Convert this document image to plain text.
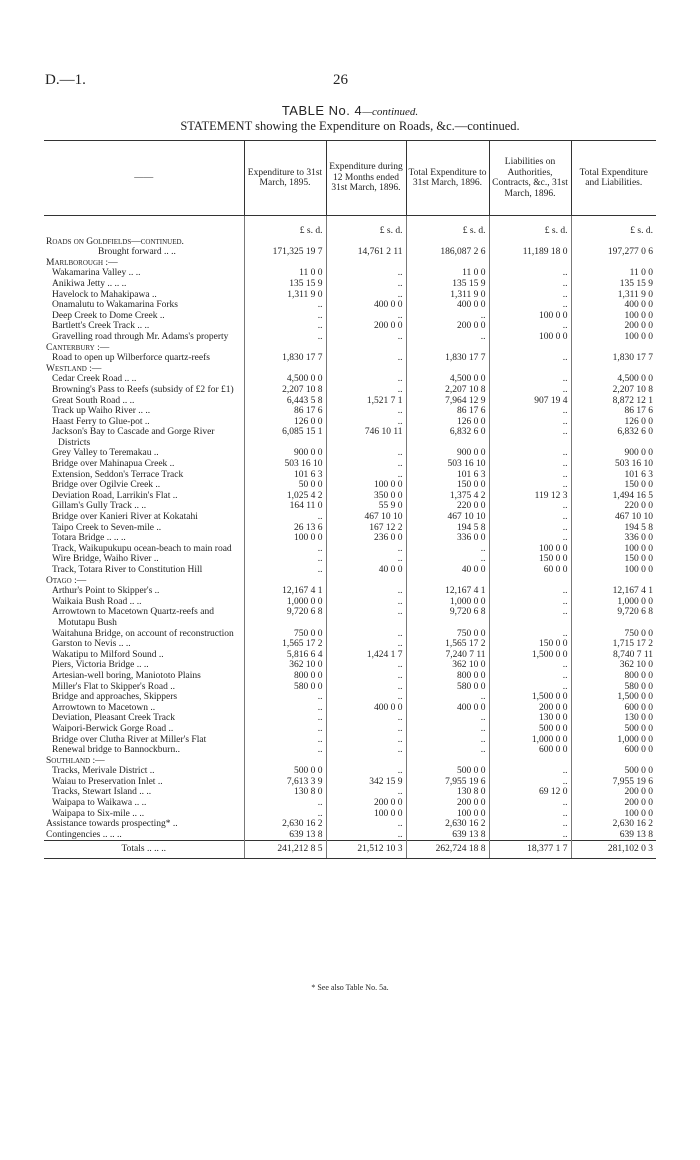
D.—1.	26
TABLE No. 4—continued.
STATEMENT showing the Expenditure on Roads, &c.—continued.
——	Expenditure to 31st March, 1895.	Expenditure during 12 Months ended 31st March, 1896.	Total Expenditure to 31st March, 1896.	Liabilities on Authorities, Contracts, &c., 31st March, 1896.	Total Expenditure and Liabilities.
	£ s. d.	£ s. d.	£ s. d.	£ s. d.	£ s. d.
Roads on Goldfields—continued.					
Brought forward .. ..	171,325 19 7	14,761 2 11	186,087 2 6	11,189 18 0	197,277 0 6
Marlborough :—					
Wakamarina Valley .. ..	11 0 0	..	11 0 0	..	11 0 0
Anikiwa Jetty .. .. ..	135 15 9	..	135 15 9	..	135 15 9
Havelock to Mahakipawa ..	1,311 9 0	..	1,311 9 0	..	1,311 9 0
Onamalutu to Wakamarina Forks	..	400 0 0	400 0 0	..	400 0 0
Deep Creek to Dome Creek ..	..	..	..	100 0 0	100 0 0
Bartlett's Creek Track .. ..	..	200 0 0	200 0 0	..	200 0 0
Gravelling road through Mr. Adams's property	..	..	..	100 0 0	100 0 0
Canterbury :—					
Road to open up Wilberforce quartz-reefs	1,830 17 7	..	1,830 17 7	..	1,830 17 7
Westland :—					
Cedar Creek Road .. ..	4,500 0 0	..	4,500 0 0	..	4,500 0 0
Browning's Pass to Reefs (subsidy of £2 for £1)	2,207 10 8	..	2,207 10 8	..	2,207 10 8
Great South Road .. ..	6,443 5 8	1,521 7 1	7,964 12 9	907 19 4	8,872 12 1
Track up Waiho River .. ..	86 17 6	..	86 17 6	..	86 17 6
Haast Ferry to Glue-pot ..	126 0 0	..	126 0 0	..	126 0 0
Jackson's Bay to Cascade and Gorge River Districts	6,085 15 1	746 10 11	6,832 6 0	..	6,832 6 0
Grey Valley to Teremakau ..	900 0 0	..	900 0 0	..	900 0 0
Bridge over Mahinapua Creek ..	503 16 10	..	503 16 10	..	503 16 10
Extension, Seddon's Terrace Track	101 6 3	..	101 6 3	..	101 6 3
Bridge over Ogilvie Creek ..	50 0 0	100 0 0	150 0 0	..	150 0 0
Deviation Road, Larrikin's Flat ..	1,025 4 2	350 0 0	1,375 4 2	119 12 3	1,494 16 5
Gillam's Gully Track .. ..	164 11 0	55 9 0	220 0 0	..	220 0 0
Bridge over Kanieri River at Kokatahi	..	467 10 10	467 10 10	..	467 10 10
Taipo Creek to Seven-mile ..	26 13 6	167 12 2	194 5 8	..	194 5 8
Totara Bridge .. .. ..	100 0 0	236 0 0	336 0 0	..	336 0 0
Track, Waikupukupu ocean-beach to main road	..	..	..	100 0 0	100 0 0
Wire Bridge, Waiho River ..	..	..	..	150 0 0	150 0 0
Track, Totara River to Constitution Hill	..	40 0 0	40 0 0	60 0 0	100 0 0
Otago :—					
Arthur's Point to Skipper's ..	12,167 4 1	..	12,167 4 1	..	12,167 4 1
Waikaia Bush Road .. ..	1,000 0 0	..	1,000 0 0	..	1,000 0 0
Arrowtown to Macetown Quartz-reefs and Motutapu Bush	9,720 6 8	..	9,720 6 8	..	9,720 6 8
Waitahuna Bridge, on account of reconstruction	750 0 0	..	750 0 0	..	750 0 0
Garston to Nevis .. ..	1,565 17 2	..	1,565 17 2	150 0 0	1,715 17 2
Wakatipu to Milford Sound ..	5,816 6 4	1,424 1 7	7,240 7 11	1,500 0 0	8,740 7 11
Piers, Victoria Bridge .. ..	362 10 0	..	362 10 0	..	362 10 0
Artesian-well boring, Maniototo Plains	800 0 0	..	800 0 0	..	800 0 0
Miller's Flat to Skipper's Road ..	580 0 0	..	580 0 0	..	580 0 0
Bridge and approaches, Skippers	..	..	..	1,500 0 0	1,500 0 0
Arrowtown to Macetown ..	..	400 0 0	400 0 0	200 0 0	600 0 0
Deviation, Pleasant Creek Track	..	..	..	130 0 0	130 0 0
Waipori-Berwick Gorge Road ..	..	..	..	500 0 0	500 0 0
Bridge over Clutha River at Miller's Flat	..	..	..	1,000 0 0	1,000 0 0
Renewal bridge to Bannockburn..	..	..	..	600 0 0	600 0 0
Southland :—					
Tracks, Merivale District ..	500 0 0	..	500 0 0	..	500 0 0
Waiau to Preservation Inlet ..	7,613 3 9	342 15 9	7,955 19 6	..	7,955 19 6
Tracks, Stewart Island .. ..	130 8 0	..	130 8 0	69 12 0	200 0 0
Waipapa to Waikawa .. ..	..	200 0 0	200 0 0	..	200 0 0
Waipapa to Six-mile .. ..	..	100 0 0	100 0 0	..	100 0 0
Assistance towards prospecting* ..	2,630 16 2	..	2,630 16 2	..	2,630 16 2
Contingencies .. .. ..	639 13 8	..	639 13 8	..	639 13 8
Totals .. .. ..	241,212 8 5	21,512 10 3	262,724 18 8	18,377 1 7	281,102 0 3
* See also Table No. 5a.
